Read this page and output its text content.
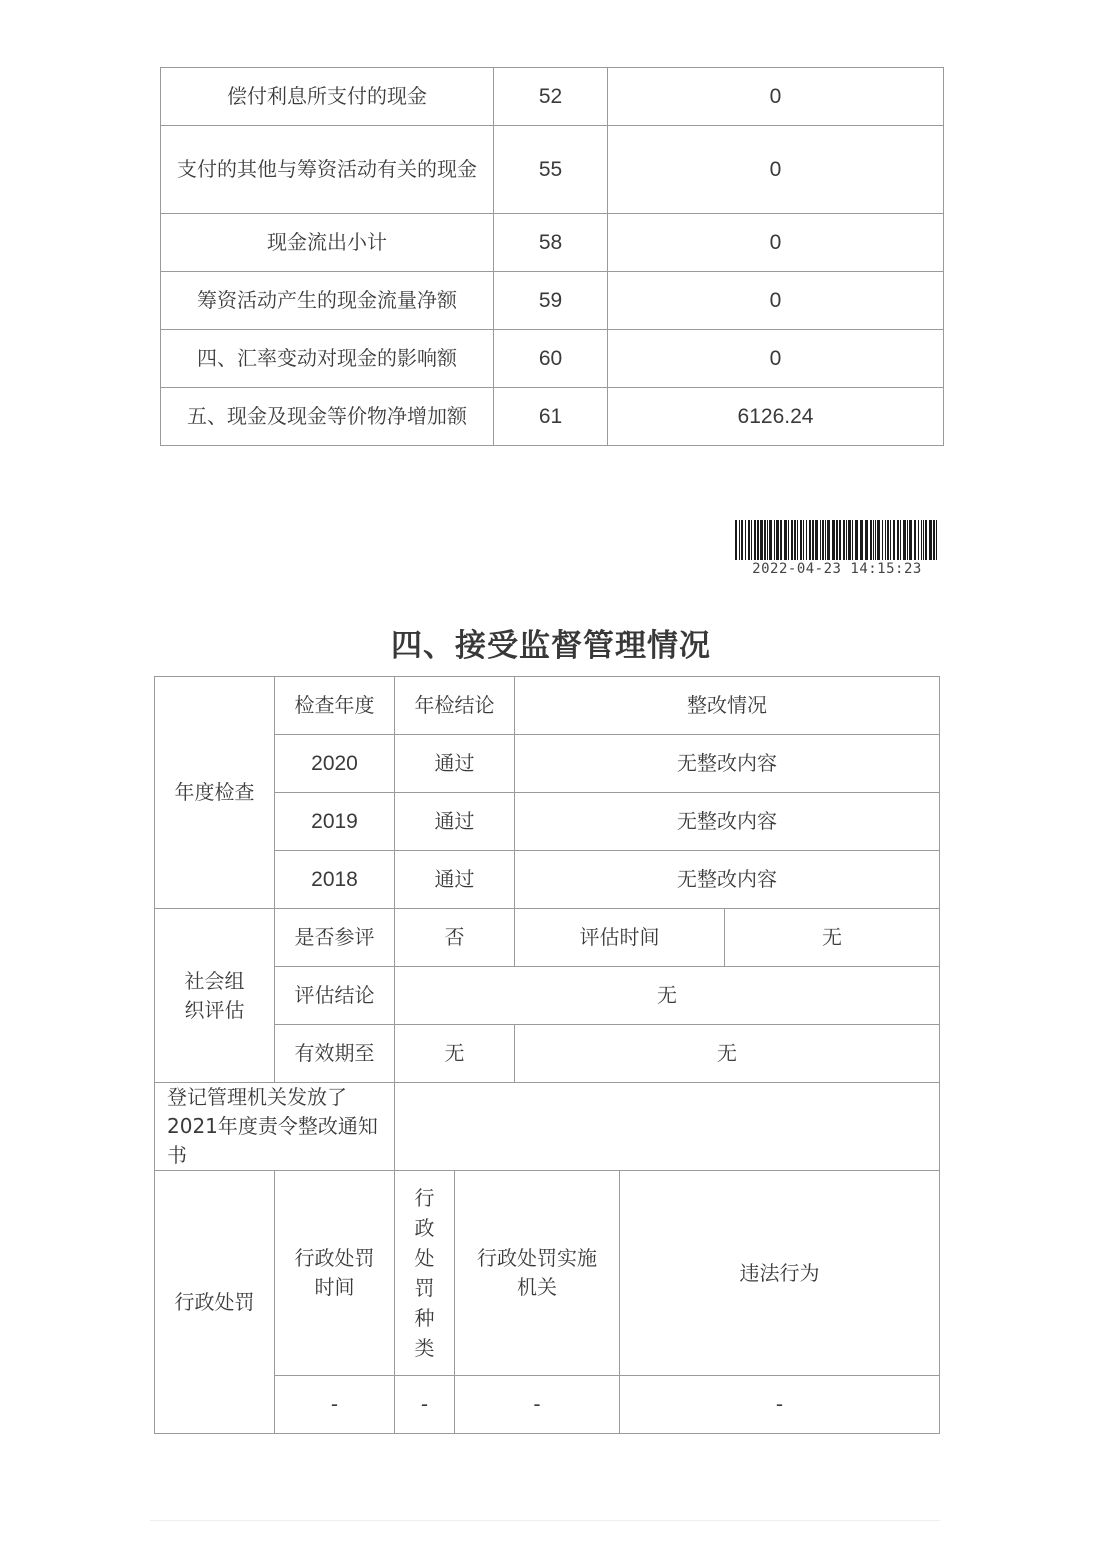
偿付利息所支付的现金	52	0
支付的其他与筹资活动有关的现金	55	0
现金流出小计	58	0
筹资活动产生的现金流量净额	59	0
四、汇率变动对现金的影响额	60	0
五、现金及现金等价物净增加额	61	6126.24
2022-04-23 14:15:23
四、接受监督管理情况
年度检查	检查年度	年检结论		整改情况		
	2020	通过		无整改内容		
	2019	通过		无整改内容		
	2018	通过		无整改内容		
社会组织评估	是否参评	否		评估时间		无
	评估结论	无				
	有效期至	无		无		
登记管理机关发放了2021年度责令整改通知书						
行政处罚	行政处罚时间	行政处罚种类	行政处罚实施机关		违法行为	
	-	-	-		-	
